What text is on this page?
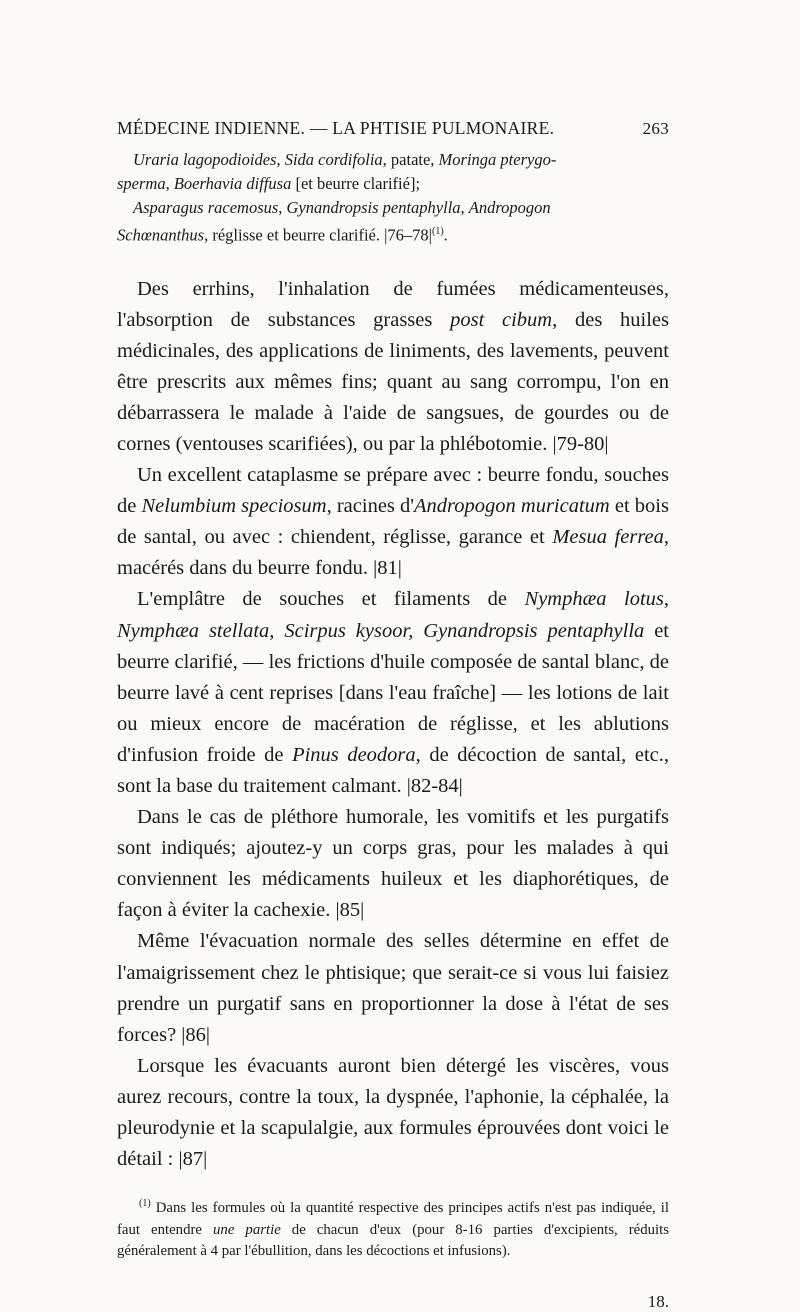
MÉDECINE INDIENNE. — LA PHTISIE PULMONAIRE.	263

Uraria lagopodioides, Sida cordifolia, patate, Moringa pterygo-

sperma, Boerhavia diffusa [et beurre clarifié];

Asparagus racemosus, Gynandropsis pentaphylla, Andropogon

Schœnanthus, réglisse et beurre clarifié. $|76-78|^{(1)}$.

Des errhins, l'inhalation de fumées médicamenteuses, l'absorption de substances grasses post cibum, des huiles médicinales, des applications de liniments, des lavements, peuvent être prescrits aux mêmes fins; quant au sang corrompu, l'on en débarrassera le malade à l'aide de sangsues, de gourdes ou de cornes (ventouses scarifiées), ou par la phlébotomie. |79-80|

Un excellent cataplasme se prépare avec : beurre fondu, souches de Nelumbium speciosum, racines d'Andropogon muricatum et bois de santal, ou avec : chiendent, réglisse, garance et Mesua ferrea, macérés dans du beurre fondu. |81|

L'emplâtre de souches et filaments de Nymphæa lotus, Nymphæa stellata, Scirpus kysoor, Gynandropsis pentaphylla et beurre clarifié, — les frictions d'huile composée de santal blanc, de beurre lavé à cent reprises [dans l'eau fraîche] — les lotions de lait ou mieux encore de macération de réglisse, et les ablutions d'infusion froide de Pinus deodora, de décoction de santal, etc., sont la base du traitement calmant. |82-84|

Dans le cas de pléthore humorale, les vomitifs et les purgatifs sont indiqués; ajoutez-y un corps gras, pour les malades à qui conviennent les médicaments huileux et les diaphorétiques, de façon à éviter la cachexie. |85|

Même l'évacuation normale des selles détermine en effet de l'amaigrissement chez le phtisique; que serait-ce si vous lui faisiez prendre un purgatif sans en proportionner la dose à l'état de ses forces? |86|

Lorsque les évacuants auront bien détergé les viscères, vous aurez recours, contre la toux, la dyspnée, l'aphonie, la céphalée, la pleurodynie et la scapulalgie, aux formules éprouvées dont voici le détail : |87|

$^{(1)}$ Dans les formules où la quantité respective des principes actifs n'est pas indiquée, il faut entendre une partie de chacun d'eux (pour 8-16 parties d'excipients, réduits généralement à 4 par l'ébullition, dans les décoctions et infusions).

18.
